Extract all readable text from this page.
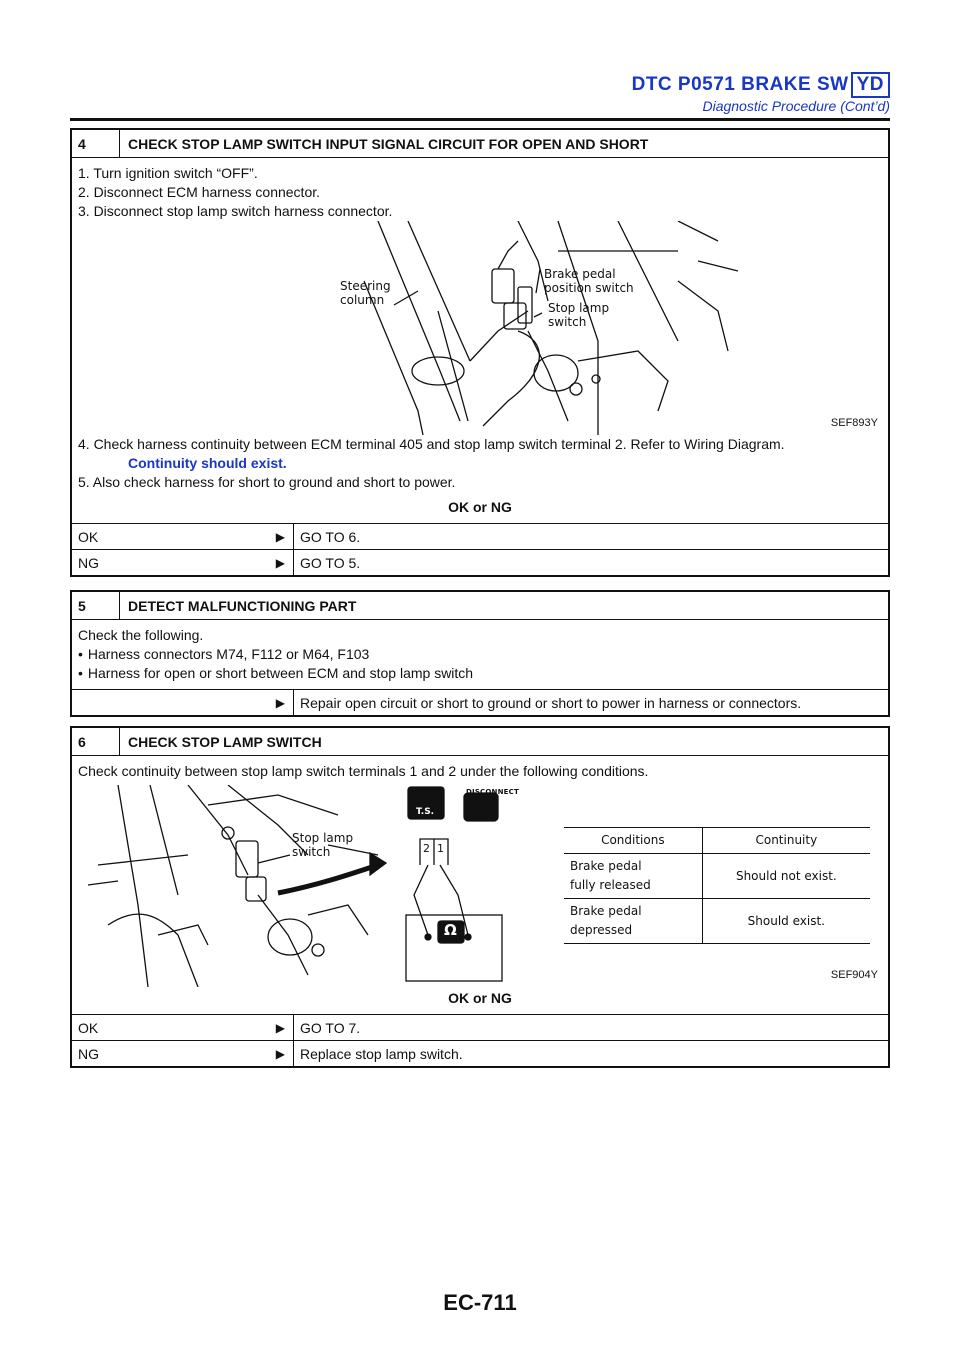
DTC P0571 BRAKE SW YD
Diagnostic Procedure (Cont’d)
4	CHECK STOP LAMP SWITCH INPUT SIGNAL CIRCUIT FOR OPEN AND SHORT

1. Turn ignition switch “OFF”.

2. Disconnect ECM harness connector.

3. Disconnect stop lamp switch harness connector.

Steering
column
Brake pedal
position switch
Stop lamp
switch
SEF893Y

4. Check harness continuity between ECM terminal 405 and stop lamp switch terminal 2. Refer to Wiring Diagram.

Continuity should exist.

5. Also check harness for short to ground and short to power.

OK or NG

OK	▶	GO TO 6.
NG	▶	GO TO 5.
5	DETECT MALFUNCTIONING PART

Check the following.

• Harness connectors M74, F112 or M64, F103

• Harness for open or short between ECM and stop lamp switch

▶	Repair open circuit or short to ground or short to power in harness or connectors.
6	CHECK STOP LAMP SWITCH

Check continuity between stop lamp switch terminals 1 and 2 under the following conditions.

Stop lamp
switch
DISCONNECT
T.S.
2 1
Ω
Conditions	Continuity
Brake pedal
fully released	Should not exist.
Brake pedal
depressed	Should exist.
SEF904Y

OK or NG

OK	▶	GO TO 7.
NG	▶	Replace stop lamp switch.
EC-711
